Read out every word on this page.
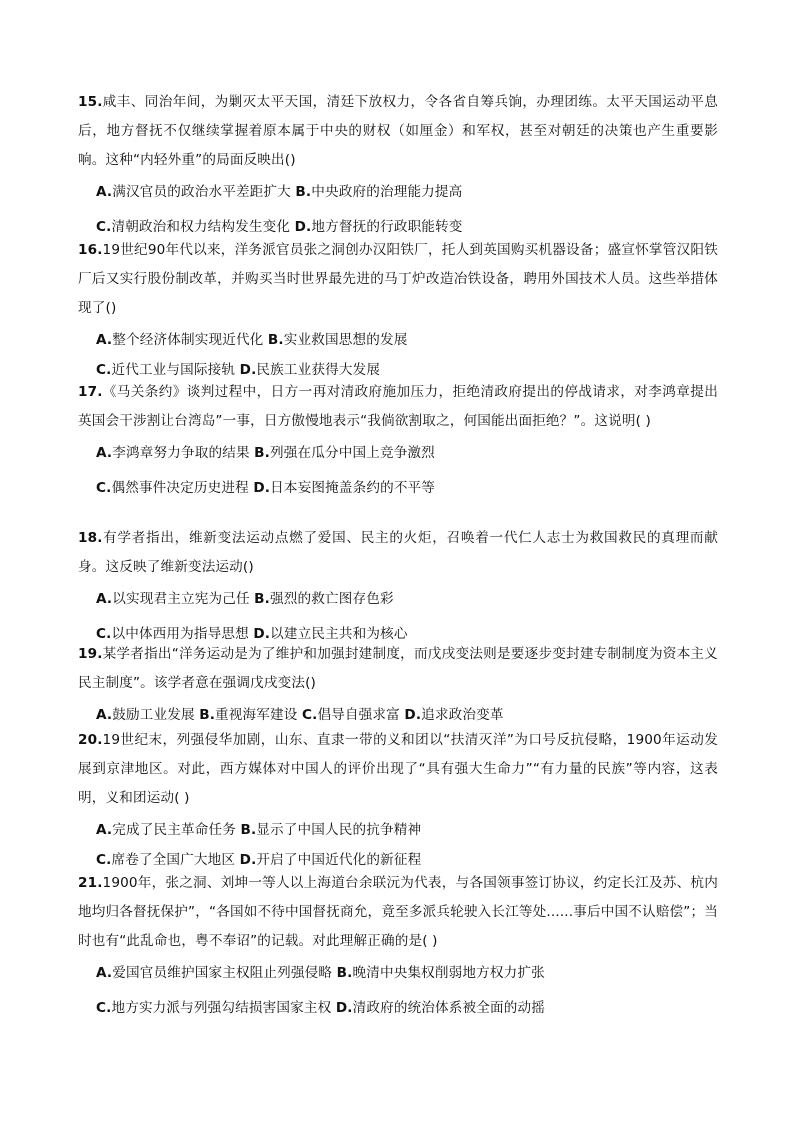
15.咸丰、同治年间，为剿灭太平天国，清廷下放权力，令各省自筹兵饷，办理团练。太平天国运动平息后，地方督抚不仅继续掌握着原本属于中央的财权（如厘金）和军权，甚至对朝廷的决策也产生重要影响。这种“内轻外重”的局面反映出()

A.满汉官员的政治水平差距扩大 B.中央政府的治理能力提高
C.清朝政治和权力结构发生变化 D.地方督抚的行政职能转变

16.19世纪90年代以来，洋务派官员张之洞创办汉阳铁厂，托人到英国购买机器设备；盛宣怀掌管汉阳铁厂后又实行股份制改革，并购买当时世界最先进的马丁炉改造冶铁设备，聘用外国技术人员。这些举措体现了()

A.整个经济体制实现近代化 B.实业救国思想的发展
C.近代工业与国际接轨 D.民族工业获得大发展

17.《马关条约》谈判过程中，日方一再对清政府施加压力，拒绝清政府提出的停战请求，对李鸿章提出英国会干涉割让台湾岛”一事，日方傲慢地表示“我倘欲割取之，何国能出面拒绝？”。这说明( )

A.李鸿章努力争取的结果 B.列强在瓜分中国上竞争激烈
C.偶然事件决定历史进程 D.日本妄图掩盖条约的不平等

18.有学者指出，维新变法运动点燃了爱国、民主的火炬，召唤着一代仁人志士为救国救民的真理而献身。这反映了维新变法运动()

A.以实现君主立宪为己任 B.强烈的救亡图存色彩
C.以中体西用为指导思想 D.以建立民主共和为核心

19.某学者指出“洋务运动是为了维护和加强封建制度，而戊戌变法则是要逐步变封建专制制度为资本主义民主制度”。该学者意在强调戊戌变法()

A.鼓励工业发展 B.重视海军建设 C.倡导自强求富 D.追求政治变革

20.19世纪末，列强侵华加剧，山东、直隶一带的义和团以“扶清灭洋”为口号反抗侵略，1900年运动发展到京津地区。对此，西方媒体对中国人的评价出现了“具有强大生命力”“有力量的民族”等内容，这表明，义和团运动( )

A.完成了民主革命任务 B.显示了中国人民的抗争精神
C.席卷了全国广大地区 D.开启了中国近代化的新征程

21.1900年，张之洞、刘坤一等人以上海道台余联沅为代表，与各国领事签订协议，约定长江及苏、杭内地均归各督抚保护”，“各国如不待中国督抚商允，竟至多派兵轮驶入长江等处......事后中国不认赔偿”；当时也有“此乱命也，粤不奉诏”的记载。对此理解正确的是( )

A.爱国官员维护国家主权阻止列强侵略 B.晚清中央集权削弱地方权力扩张
C.地方实力派与列强勾结损害国家主权 D.清政府的统治体系被全面的动摇
